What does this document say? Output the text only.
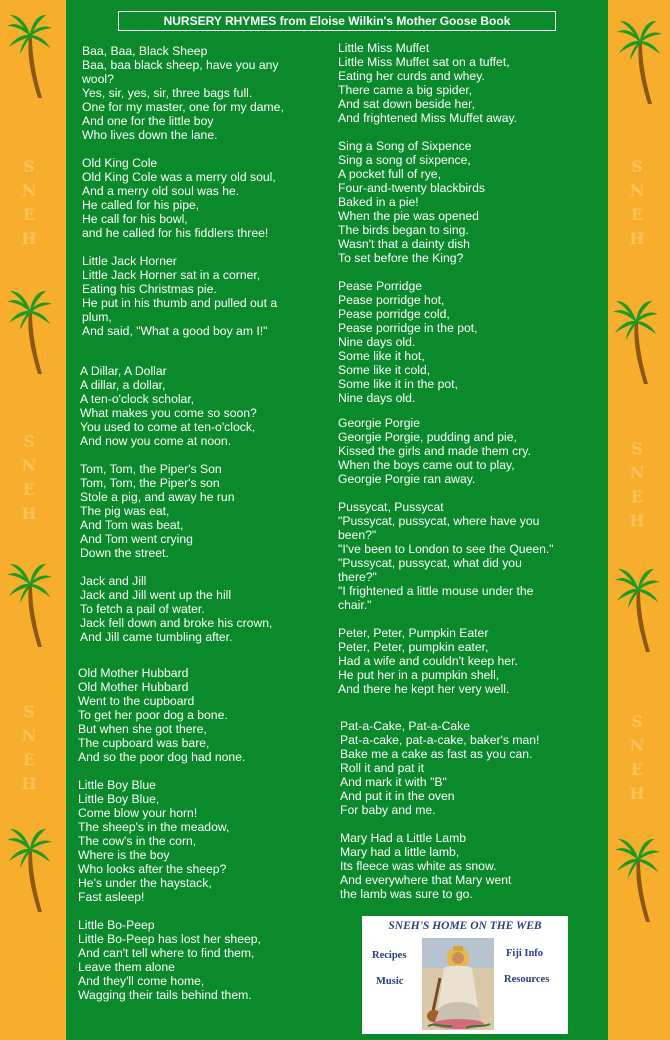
S
N
E
H
S
N
E
H
S
N
E
H
S
N
E
H
S
N
E
H
S
N
E
H
NURSERY RHYMES from Eloise Wilkin's Mother Goose Book
Baa, Baa, Black Sheep
Baa, baa black sheep, have you any
wool?
Yes, sir, yes, sir, three bags full.
One for my master, one for my dame,
And one for the little boy
Who lives down the lane.
Old King Cole
Old King Cole was a merry old soul,
And a merry old soul was he.
He called for his pipe,
He call for his bowl,
and he called for his fiddlers three!
Little Jack Horner
Little Jack Horner sat in a corner,
Eating his Christmas pie.
He put in his thumb and pulled out a
plum,
And said, "What a good boy am I!"
A Dillar, A Dollar
A dillar, a dollar,
A ten-o'clock scholar,
What makes you come so soon?
You used to come at ten-o'clock,
And now you come at noon.
Tom, Tom, the Piper's Son
Tom, Tom, the Piper's son
Stole a pig, and away he run
The pig was eat,
And Tom was beat,
And Tom went crying
Down the street.
Jack and Jill
Jack and Jill went up the hill
To fetch a pail of water.
Jack fell down and broke his crown,
And Jill came tumbling after.
Old Mother Hubbard
Old Mother Hubbard
Went to the cupboard
To get her poor dog a bone.
But when she got there,
The cupboard was bare,
And so the poor dog had none.
Little Boy Blue
Little Boy Blue,
Come blow your horn!
The sheep's in the meadow,
The cow's in the corn,
Where is the boy
Who looks after the sheep?
He's under the haystack,
Fast asleep!
Little Bo-Peep
Little Bo-Peep has lost her sheep,
And can't tell where to find them,
Leave them alone
And they'll come home,
Wagging their tails behind them.
Little Miss Muffet
Little Miss Muffet sat on a tuffet,
Eating her curds and whey.
There came a big spider,
And sat down beside her,
And frightened Miss Muffet away.
Sing a Song of Sixpence
Sing a song of sixpence,
A pocket full of rye,
Four-and-twenty blackbirds
Baked in a pie!
When the pie was opened
The birds began to sing.
Wasn't that a dainty dish
To set before the King?
Pease Porridge
Pease porridge hot,
Pease porridge cold,
Pease porridge in the pot,
Nine days old.
Some like it hot,
Some like it cold,
Some like it in the pot,
Nine days old.
Georgie Porgie
Georgie Porgie, pudding and pie,
Kissed the girls and made them cry.
When the boys came out to play,
Georgie Porgie ran away.
Pussycat, Pussycat
"Pussycat, pussycat, where have you
been?"
"I've been to London to see the Queen."
"Pussycat, pussycat, what did you
there?"
"I frightened a little mouse under the
chair."
Peter, Peter, Pumpkin Eater
Peter, Peter, pumpkin eater,
Had a wife and couldn't keep her.
He put her in a pumpkin shell,
And there he kept her very well.
Pat-a-Cake, Pat-a-Cake
Pat-a-cake, pat-a-cake, baker's man!
Bake me a cake as fast as you can.
Roll it and pat it
And mark it with "B"
And put it in the oven
For baby and me.
Mary Had a Little Lamb
Mary had a little lamb,
Its fleece was white as snow.
And everywhere that Mary went
the lamb was sure to go.
SNEH'S HOME ON THE WEB
Recipes
Music
Fiji Info
Resources
